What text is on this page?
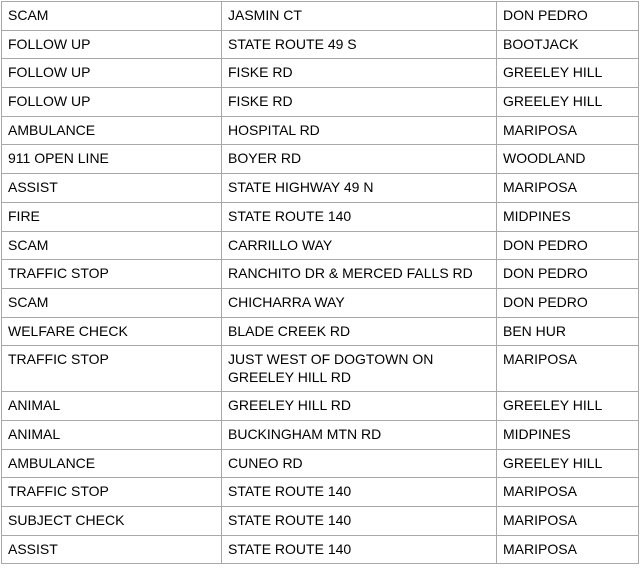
SCAM	JASMIN CT	DON PEDRO
FOLLOW UP	STATE ROUTE 49 S	BOOTJACK
FOLLOW UP	FISKE RD	GREELEY HILL
FOLLOW UP	FISKE RD	GREELEY HILL
AMBULANCE	HOSPITAL RD	MARIPOSA
911 OPEN LINE	BOYER RD	WOODLAND
ASSIST	STATE HIGHWAY 49 N	MARIPOSA
FIRE	STATE ROUTE 140	MIDPINES
SCAM	CARRILLO WAY	DON PEDRO
TRAFFIC STOP	RANCHITO DR & MERCED FALLS RD	DON PEDRO
SCAM	CHICHARRA WAY	DON PEDRO
WELFARE CHECK	BLADE CREEK RD	BEN HUR
TRAFFIC STOP	JUST WEST OF DOGTOWN ON GREELEY HILL RD	MARIPOSA
ANIMAL	GREELEY HILL RD	GREELEY HILL
ANIMAL	BUCKINGHAM MTN RD	MIDPINES
AMBULANCE	CUNEO RD	GREELEY HILL
TRAFFIC STOP	STATE ROUTE 140	MARIPOSA
SUBJECT CHECK	STATE ROUTE 140	MARIPOSA
ASSIST	STATE ROUTE 140	MARIPOSA
